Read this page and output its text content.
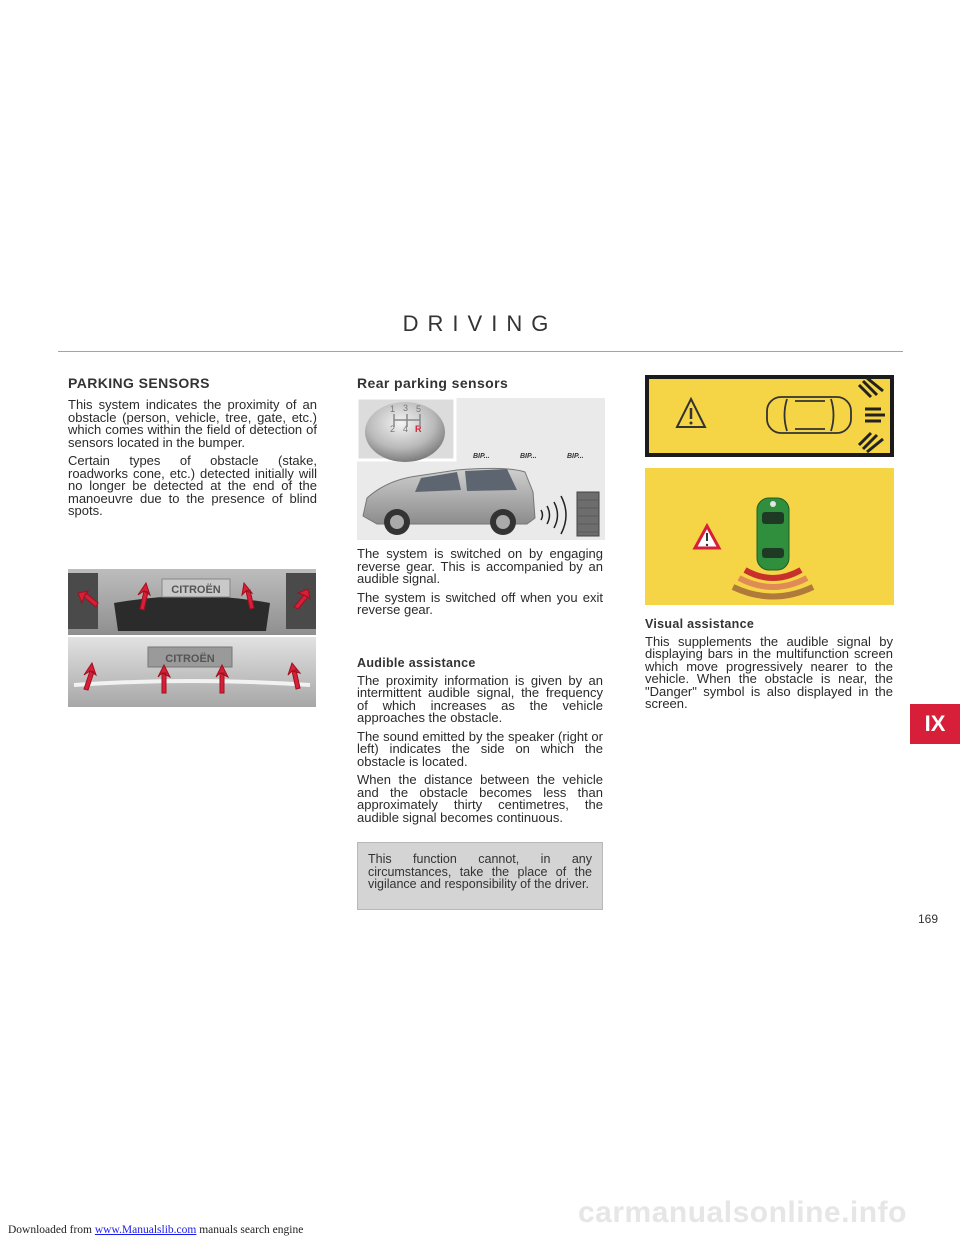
DRIVING
PARKING SENSORS

This system indicates the proximity of an obstacle (person, vehicle, tree, gate, etc.) which comes within the field of detection of sensors located in the bumper.

Certain types of obstacle (stake, roadworks cone, etc.) detected initially will no longer be detected at the end of the manoeuvre due to the presence of blind spots.

CITROËN
CITROËN
Rear parking sensors
1 3 5
2 4 R
BIP...	BIP...	BIP...

The system is switched on by engaging reverse gear. This is accompanied by an audible signal.

The system is switched off when you exit reverse gear.

Audible assistance

The proximity information is given by an intermittent audible signal, the frequency of which increases as the vehicle approaches the obstacle.

The sound emitted by the speaker (right or left) indicates the side on which the obstacle is located.

When the distance between the vehicle and the obstacle becomes less than approximately thirty centimetres, the audible signal becomes continuous.

This function cannot, in any circumstances, take the place of the vigilance and responsibility of the driver.
Visual assistance

This supplements the audible signal by displaying bars in the multifunction screen which move progressively nearer to the vehicle. When the obstacle is near, the "Danger" symbol is also displayed in the screen.

IX
169
carmanualsonline.info
Downloaded from www.Manualslib.com manuals search engine
